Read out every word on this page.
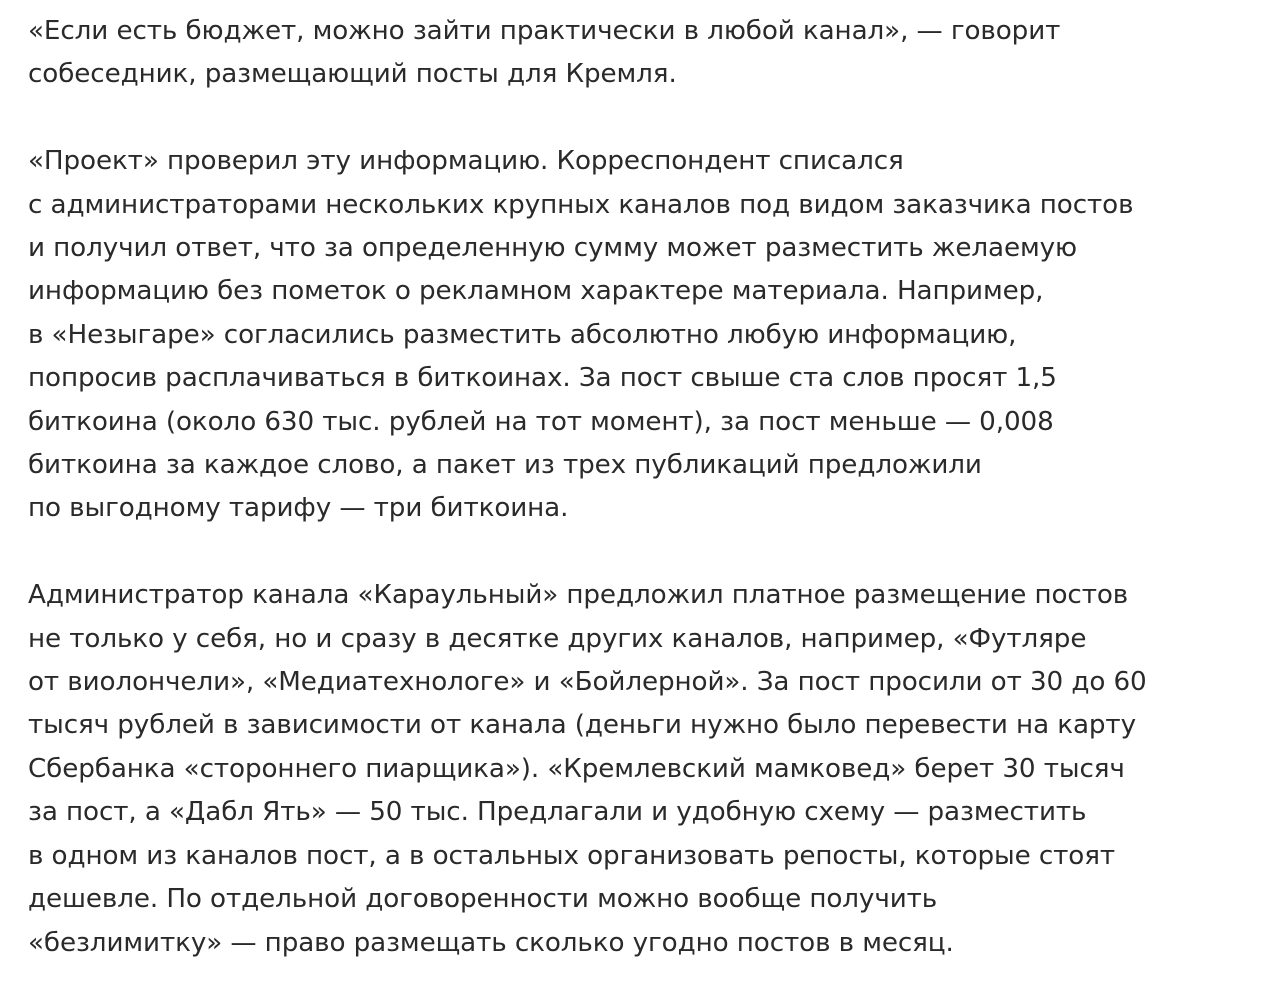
«Если есть бюджет, можно зайти практически в любой канал», — говорит
собеседник, размещающий посты для Кремля.

«Проект» проверил эту информацию. Корреспондент списался
с администраторами нескольких крупных каналов под видом заказчика постов
и получил ответ, что за определенную сумму может разместить желаемую
информацию без пометок о рекламном характере материала. Например,
в «Незыгаре» согласились разместить абсолютно любую информацию,
попросив расплачиваться в биткоинах. За пост свыше ста слов просят 1,5
биткоина (около 630 тыс. рублей на тот момент), за пост меньше — 0,008
биткоина за каждое слово, а пакет из трех публикаций предложили
по выгодному тарифу — три биткоина.

Администратор канала «Караульный» предложил платное размещение постов
не только у себя, но и сразу в десятке других каналов, например, «Футляре
от виолончели», «Медиатехнологе» и «Бойлерной». За пост просили от 30 до 60
тысяч рублей в зависимости от канала (деньги нужно было перевести на карту
Сбербанка «стороннего пиарщика»). «Кремлевский мамковед» берет 30 тысяч
за пост, а «Дабл Ять» — 50 тыс. Предлагали и удобную схему — разместить
в одном из каналов пост, а в остальных организовать репосты, которые стоят
дешевле. По отдельной договоренности можно вообще получить
«безлимитку» — право размещать сколько угодно постов в месяц.
